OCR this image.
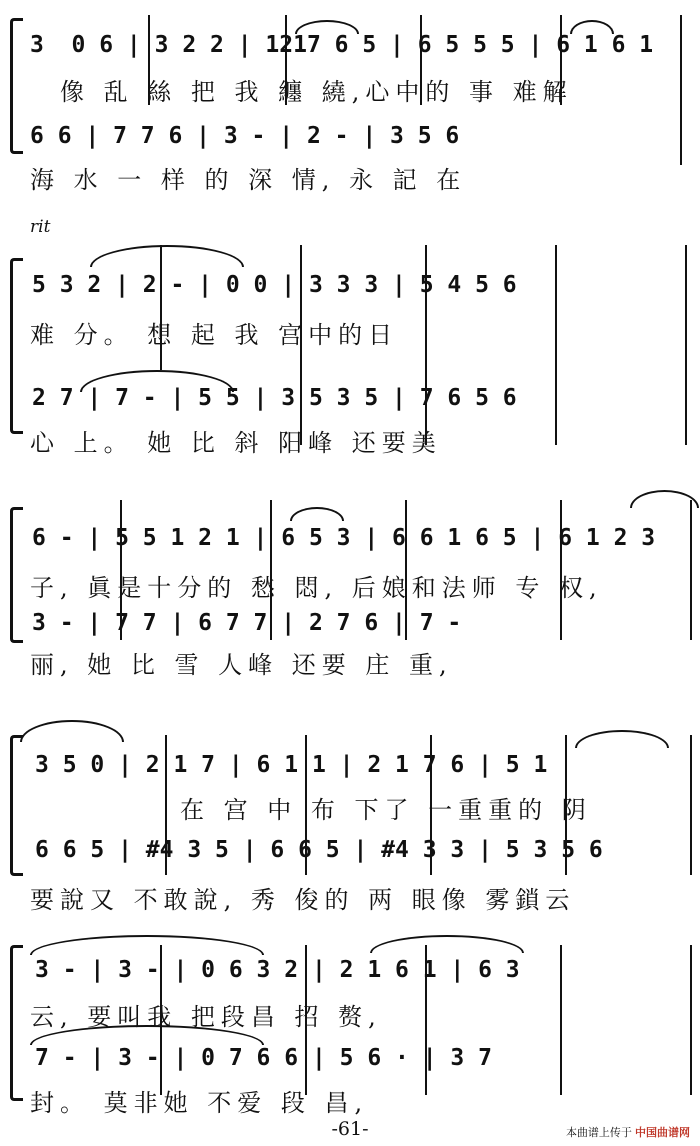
3  0 6 | 3 2 2 | 1217 6 5 | 6 5 5 5 | 6 1 6 1
像 乱 絲 把 我 纏 繞,心中的 事 难解
6 6 | 7 7 6 | 3 - | 2 - | 3 5 6
海 水 一 样 的 深 情, 永 記 在
rit
5 3 2 | 2 - | 0 0 | 3 3 3 | 5 4 5 6
难 分。 想 起 我 宫中的日
2 7 | 7 - | 5 5 | 3 5 3 5 | 7 6 5 6
心 上。 她 比 斜 阳峰 还要美
6 - | 5 5 1 2 1 | 6 5 3 | 6 6 1 6 5 | 6 1 2 3
子, 眞是十分的 愁 悶, 后娘和法师 专 权,
3 - | 7 7 | 6 7 7 | 2 7 6 | 7 -
丽, 她 比 雪 人峰 还要 庄 重,
3 5 0 | 2 1 7 | 6 1 1 | 2 1 7 6 | 5 1
在 宫 中 布 下了 一重重的 阴
6 6 5 | #4 3 5 | 6 6 5 | #4 3 3 | 5 3 5 6
要說又 不敢說, 秀 俊的 两 眼像 雾鎖云
3 - | 3 - | 0 6 3 2 | 2 1 6 1 | 6 3
云, 要叫我 把段昌 招 赘,
7 - | 3 - | 0 7 6 6 | 5 6 · | 3 7
封。 莫非她 不爱 段 昌,
-61-	本曲谱上传于 中国曲谱网
